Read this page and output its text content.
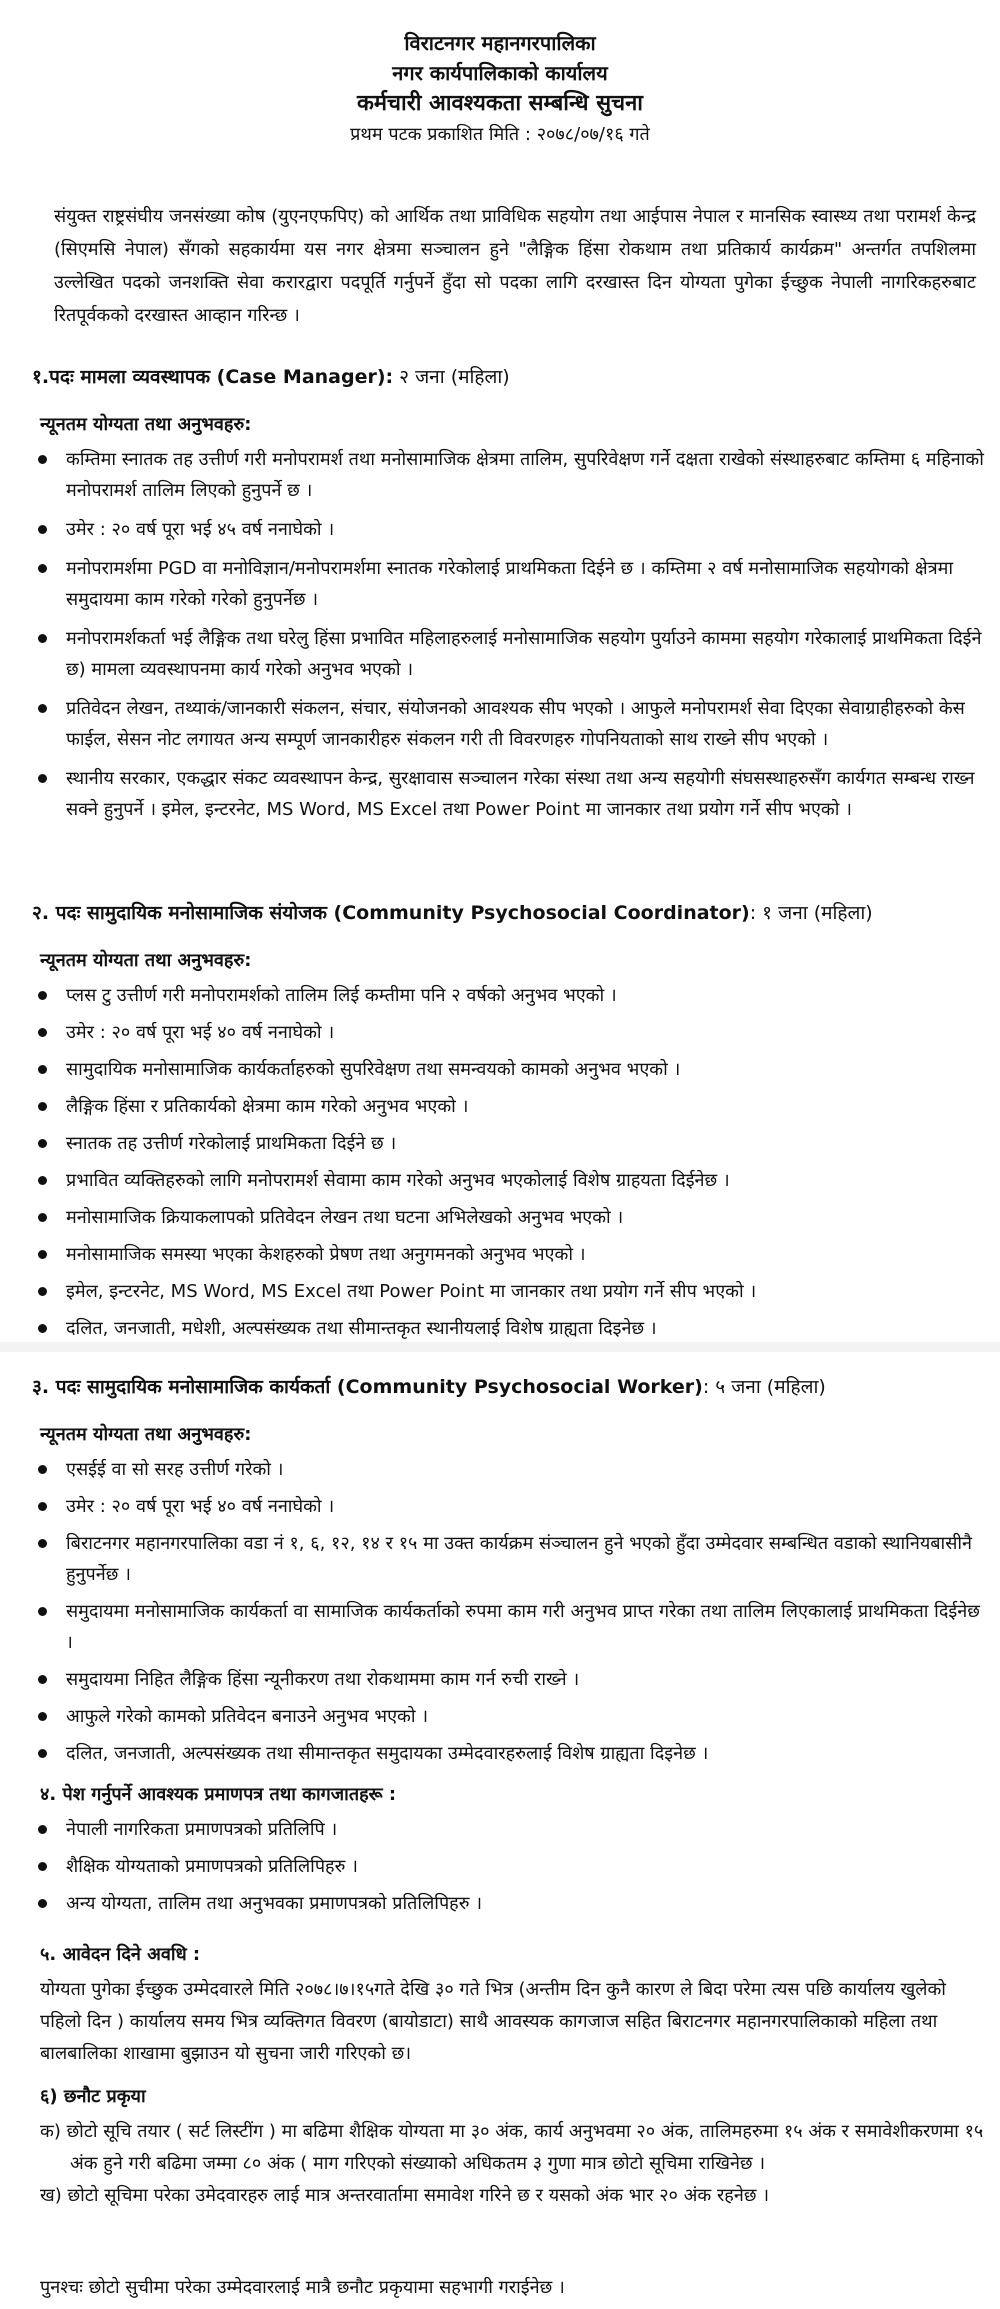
विराटनगर महानगरपालिका
नगर कार्यपालिकाको कार्यालय
कर्मचारी आवश्यकता सम्बन्धि सुचना
प्रथम पटक प्रकाशित मिति : २०७८/०७/१६ गते
संयुक्त राष्ट्रसंघीय जनसंख्या कोष (युएनएफपिए) को आर्थिक तथा प्राविधिक सहयोग तथा आईपास नेपाल र मानसिक स्वास्थ्य तथा परामर्श केन्द्र (सिएमसि नेपाल) सँगको सहकार्यमा यस नगर क्षेत्रमा सञ्चालन हुने "लैङ्गिक हिंसा रोकथाम तथा प्रतिकार्य कार्यक्रम" अन्तर्गत तपशिलमा उल्लेखित पदको जनशक्ति सेवा करारद्वारा पदपूर्ति गर्नुपर्ने हुँदा सो पदका लागि दरखास्त दिन योग्यता पुगेका ईच्छुक नेपाली नागरिकहरुबाट रितपूर्वकको दरखास्त आव्हान गरिन्छ ।
१.पदः मामला व्यवस्थापक (Case Manager): २ जना (महिला)
न्यूनतम योग्यता तथा अनुभवहरु:
कम्तिमा स्नातक तह उत्तीर्ण गरी मनोपरामर्श तथा मनोसामाजिक क्षेत्रमा तालिम, सुपरिवेक्षण गर्ने दक्षता राखेको संस्थाहरुबाट कम्तिमा ६ महिनाको मनोपरामर्श तालिम लिएको हुनुपर्ने छ ।
उमेर : २० वर्ष पूरा भई ४५ वर्ष ननाघेको ।
मनोपरामर्शमा PGD वा मनोविज्ञान/मनोपरामर्शमा स्नातक गरेकोलाई प्राथमिकता दिईने छ । कम्तिमा २ वर्ष मनोसामाजिक सहयोगको क्षेत्रमा समुदायमा काम गरेको गरेको हुनुपर्नेछ ।
मनोपरामर्शकर्ता भई लैङ्गिक तथा घरेलु हिंसा प्रभावित महिलाहरुलाई मनोसामाजिक सहयोग पुर्याउने काममा सहयोग गरेकालाई प्राथमिकता दिईने छ) मामला व्यवस्थापनमा कार्य गरेको अनुभव भएको ।
प्रतिवेदन लेखन, तथ्याकं/जानकारी संकलन, संचार, संयोजनको आवश्यक सीप भएको । आफुले मनोपरामर्श सेवा दिएका सेवाग्राहीहरुको केस फाईल, सेसन नोट लगायत अन्य सम्पूर्ण जानकारीहरु संकलन गरी ती विवरणहरु गोपनियताको साथ राख्ने सीप भएको ।
स्थानीय सरकार, एकद्धार संकट व्यवस्थापन केन्द्र, सुरक्षावास सञ्चालन गरेका संस्था तथा अन्य सहयोगी संघसस्थाहरुसँग कार्यगत सम्बन्ध राख्न सक्ने हुनुपर्ने । इमेल, इन्टरनेट, MS Word, MS Excel तथा Power Point मा जानकार तथा प्रयोग गर्ने सीप भएको ।
२. पदः सामुदायिक मनोसामाजिक संयोजक (Community Psychosocial Coordinator): १ जना (महिला)
न्यूनतम योग्यता तथा अनुभवहरु:
प्लस टु उत्तीर्ण गरी मनोपरामर्शको तालिम लिई कम्तीमा पनि २ वर्षको अनुभव भएको ।
उमेर : २० वर्ष पूरा भई ४० वर्ष ननाघेको ।
सामुदायिक मनोसामाजिक कार्यकर्ताहरुको सुपरिवेक्षण तथा समन्वयको कामको अनुभव भएको ।
लैङ्गिक हिंसा र प्रतिकार्यको क्षेत्रमा काम गरेको अनुभव भएको ।
स्नातक तह उत्तीर्ण गरेकोलाई प्राथमिकता दिईने छ ।
प्रभावित व्यक्तिहरुको लागि मनोपरामर्श सेवामा काम गरेको अनुभव भएकोलाई विशेष ग्राहयता दिईनेछ ।
मनोसामाजिक क्रियाकलापको प्रतिवेदन लेखन तथा घटना अभिलेखको अनुभव भएको ।
मनोसामाजिक समस्या भएका केशहरुको प्रेषण तथा अनुगमनको अनुभव भएको ।
इमेल, इन्टरनेट, MS Word, MS Excel तथा Power Point मा जानकार तथा प्रयोग गर्ने सीप भएको ।
दलित, जनजाती, मधेशी, अल्पसंख्यक तथा सीमान्तकृत स्थानीयलाई विशेष ग्राह्यता दिइनेछ ।
३. पदः सामुदायिक मनोसामाजिक कार्यकर्ता (Community Psychosocial Worker): ५ जना (महिला)
न्यूनतम योग्यता तथा अनुभवहरु:
एसईई वा सो सरह उत्तीर्ण गरेको ।
उमेर : २० वर्ष पूरा भई ४० वर्ष ननाघेको ।
बिराटनगर महानगरपालिका वडा नं १, ६, १२, १४ र १५ मा उक्त कार्यक्रम संञ्चालन हुने भएको हुँदा उम्मेदवार सम्बन्धित वडाको स्थानियबासीनै हुनुपर्नेछ ।
समुदायमा मनोसामाजिक कार्यकर्ता वा सामाजिक कार्यकर्ताको रुपमा काम गरी अनुभव प्राप्त गरेका तथा तालिम लिएकालाई प्राथमिकता दिईनेछ ।
समुदायमा निहित लैङ्गिक हिंसा न्यूनीकरण तथा रोकथाममा काम गर्न रुची राख्ने ।
आफुले गरेको कामको प्रतिवेदन बनाउने अनुभव भएको ।
दलित, जनजाती, अल्पसंख्यक तथा सीमान्तकृत समुदायका उम्मेदवारहरुलाई विशेष ग्राह्यता दिइनेछ ।
४. पेश गर्नुपर्ने आवश्यक प्रमाणपत्र तथा कागजातहरू :
नेपाली नागरिकता प्रमाणपत्रको प्रतिलिपि ।
शैक्षिक योग्यताको प्रमाणपत्रको प्रतिलिपिहरु ।
अन्य योग्यता, तालिम तथा अनुभवका प्रमाणपत्रको प्रतिलिपिहरु ।
५. आवेदन दिने अवधि :
योग्यता पुगेका ईच्छुक उम्मेदवारले मिति २०७८।७।१५गते देखि ३० गते भित्र (अन्तीम दिन कुनै कारण ले बिदा परेमा त्यस पछि कार्यालय खुलेको पहिलो दिन ) कार्यालय समय भित्र व्यक्तिगत विवरण (बायोडाटा) साथै आवस्यक कागजाज सहित बिराटनगर महानगरपालिकाको महिला तथा बालबालिका शाखामा बुझाउन यो सुचना जारी गरिएको छ।
६) छनौट प्रकृया
क) छोटो सूचि तयार ( सर्ट लिस्टींग ) मा बढिमा शैक्षिक योग्यता मा ३० अंक, कार्य अनुभवमा २० अंक, तालिमहरुमा १५ अंक र समावेशीकरणमा १५ अंक हुने गरी बढिमा जम्मा ८० अंक ( माग गरिएको संख्याको अधिकतम ३ गुणा मात्र छोटो सूचिमा राखिनेछ ।
ख) छोटो सूचिमा परेका उमेदवारहरु लाई मात्र अन्तरवार्तामा समावेश गरिने छ र यसको अंक भार २० अंक रहनेछ ।
पुनश्चः छोटो सुचीमा परेका उम्मेदवारलाई मात्रै छनौट प्रकृयामा सहभागी गराईनेछ ।
